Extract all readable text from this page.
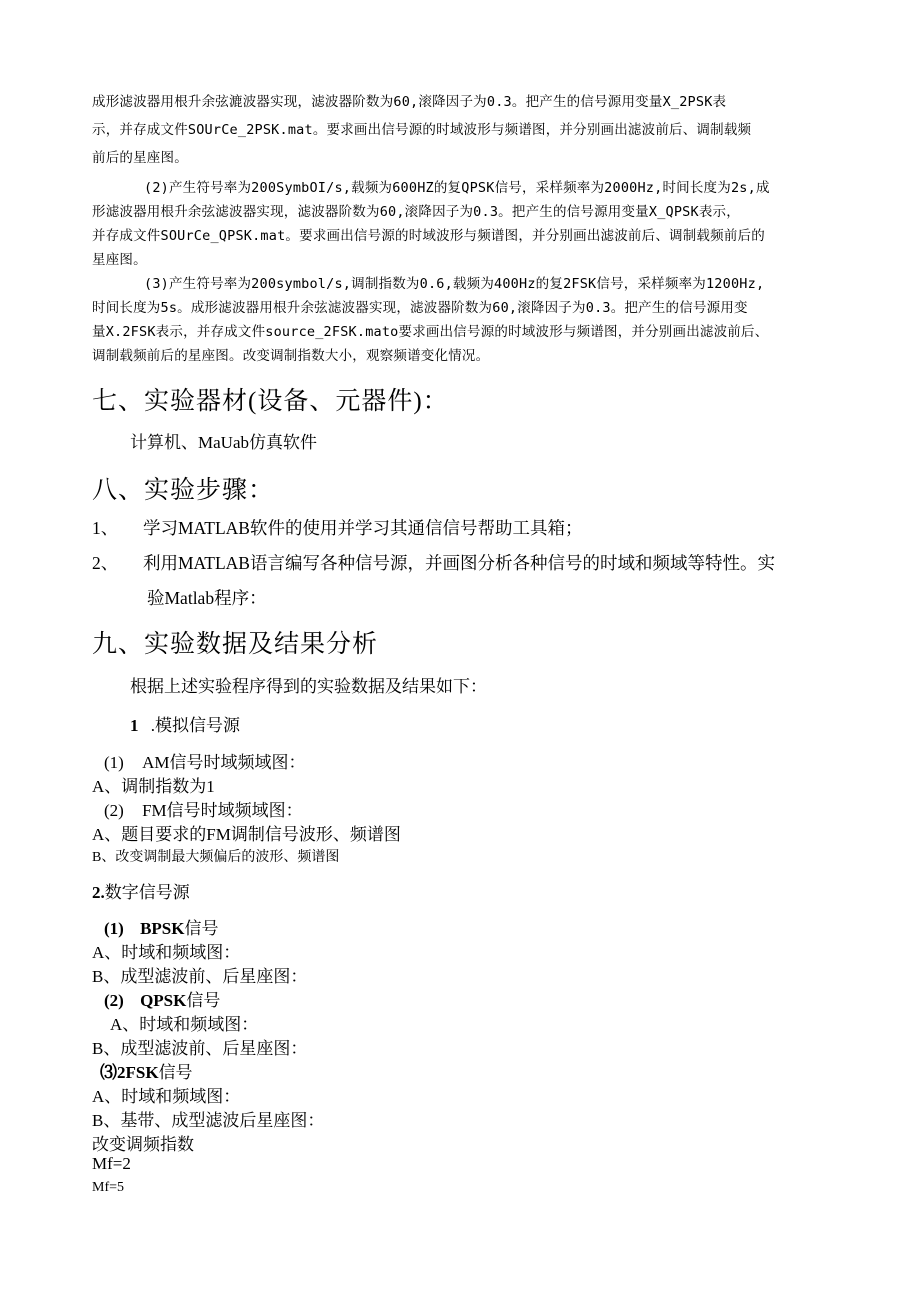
成形滤波器用根升余弦漉波器实现，滤波器阶数为60,滚降因子为0.3。把产生的信号源用变量X_2PSK表
示，并存成文件SOUrCe_2PSK.mat。要求画出信号源的时域波形与频谱图，并分别画出滤波前后、调制载频
前后的星座图。
(2)产生符号率为200SymbOI/s,载频为600HZ的复QPSK信号，采样频率为2000Hz,时间长度为2s,成
形滤波器用根升余弦滤波器实现，滤波器阶数为60,滚降因子为0.3。把产生的信号源用变量X_QPSK表示，
并存成文件SOUrCe_QPSK.mat。要求画出信号源的时域波形与频谱图，并分别画出滤波前后、调制载频前后的
星座图。
(3)产生符号率为200symbol/s,调制指数为0.6,载频为400Hz的复2FSK信号，采样频率为1200Hz,
时间长度为5s。成形滤波器用根升余弦滤波器实现，滤波器阶数为60,滚降因子为0.3。把产生的信号源用变
量X.2FSK表示，并存成文件source_2FSK.mato要求画出信号源的时域波形与频谱图，并分别画出滤波前后、
调制载频前后的星座图。改变调制指数大小，观察频谱变化情况。
七、实验器材(设备、元器件)：
计算机、MaUab仿真软件
八、实验步骤：
1、 学习MATLAB软件的使用并学习其通信信号帮助工具箱；
2、 利用MATLAB语言编写各种信号源，并画图分析各种信号的时域和频域等特性。实
验Matlab程序：
九、实验数据及结果分析
根据上述实验程序得到的实验数据及结果如下：
1 .模拟信号源
(1) AM信号时域频域图：
A、调制指数为1
(2) FM信号时域频域图：
A、题目要求的FM调制信号波形、频谱图
B、改变调制最大频偏后的波形、频谱图
2.数字信号源
(1) BPSK信号
A、时域和频域图：
B、成型滤波前、后星座图：
(2) QPSK信号
A、时域和频域图：
B、成型滤波前、后星座图：
⑶2FSK信号
A、时域和频域图：
B、基带、成型滤波后星座图：
改变调频指数
Mf=2
Mf=5
